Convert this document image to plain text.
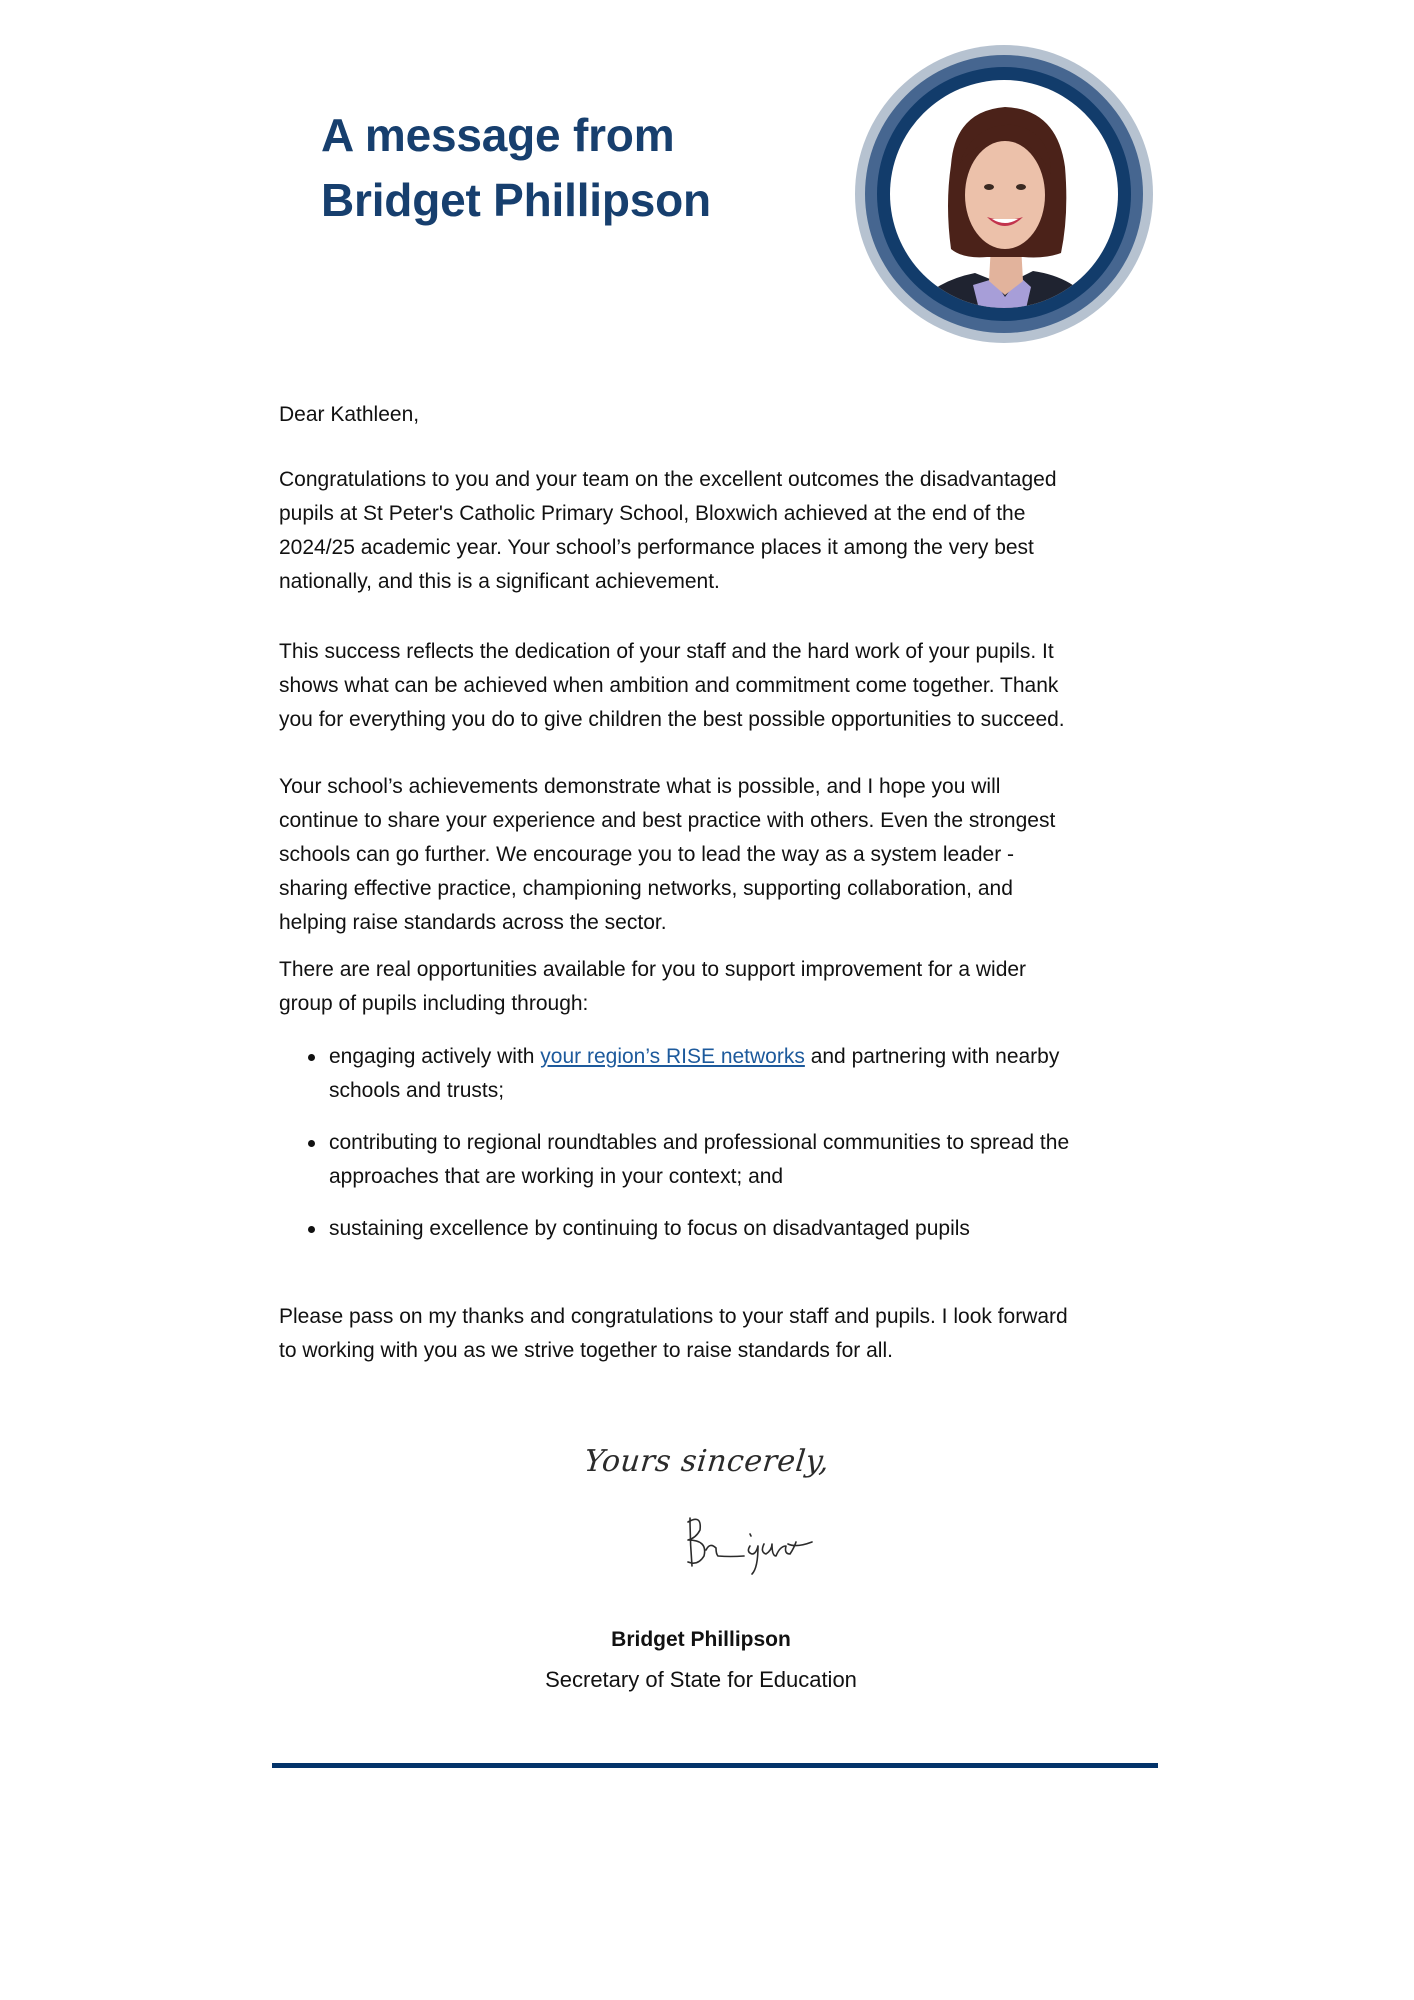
A message from
Bridget Phillipson

Dear Kathleen,

Congratulations to you and your team on the excellent outcomes the disadvantaged
pupils at St Peter's Catholic Primary School, Bloxwich achieved at the end of the
2024/25 academic year. Your school’s performance places it among the very best
nationally, and this is a significant achievement.

This success reflects the dedication of your staff and the hard work of your pupils. It
shows what can be achieved when ambition and commitment come together. Thank
you for everything you do to give children the best possible opportunities to succeed.

Your school’s achievements demonstrate what is possible, and I hope you will
continue to share your experience and best practice with others. Even the strongest
schools can go further. We encourage you to lead the way as a system leader -
sharing effective practice, championing networks, supporting collaboration, and
helping raise standards across the sector.

There are real opportunities available for you to support improvement for a wider
group of pupils including through:

engaging actively with your region’s RISE networks and partnering with nearby
schools and trusts;
contributing to regional roundtables and professional communities to spread the
approaches that are working in your context; and
sustaining excellence by continuing to focus on disadvantaged pupils

Please pass on my thanks and congratulations to your staff and pupils. I look forward
to working with you as we strive together to raise standards for all.

Yours sincerely,
Bridget Phillipson
Secretary of State for Education
